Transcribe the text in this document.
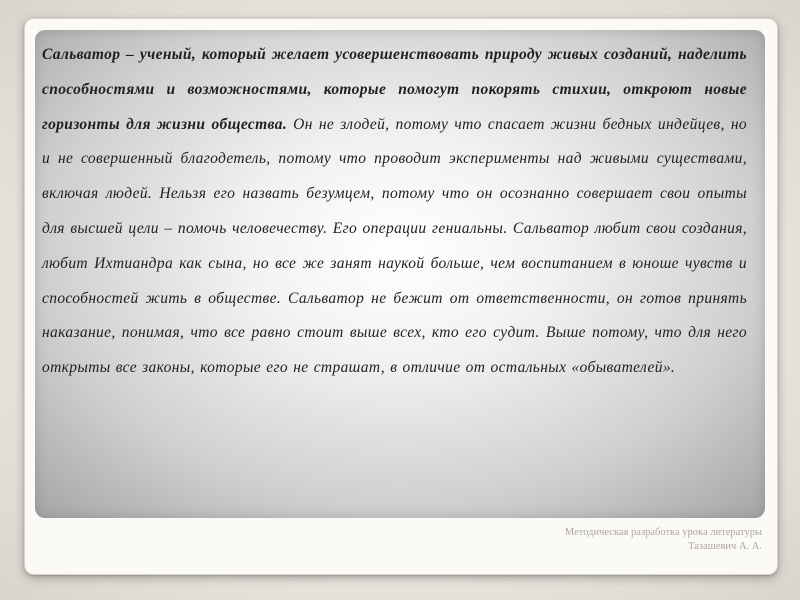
Сальватор – ученый, который желает усовершенствовать природу живых созданий, наделить способностями и возможностями, которые помогут покорять стихии, откроют новые горизонты для жизни общества. Он не злодей, потому что спасает жизни бедных индейцев, но и не совершенный благодетель, потому что проводит эксперименты над живыми существами, включая людей. Нельзя его назвать безумцем, потому что он осознанно совершает свои опыты для высшей цели – помочь человечеству. Его операции гениальны. Сальватор любит свои создания, любит Ихтиандра как сына, но все же занят наукой больше, чем воспитанием в юноше чувств и способностей жить в обществе. Сальватор не бежит от ответственности, он готов принять наказание, понимая, что все равно стоит выше всех, кто его судит. Выше потому, что для него открыты все законы, которые его не страшат, в отличие от остальных «обывателей».

Методическая разработка урока литературы
Тазашевич А. А.
